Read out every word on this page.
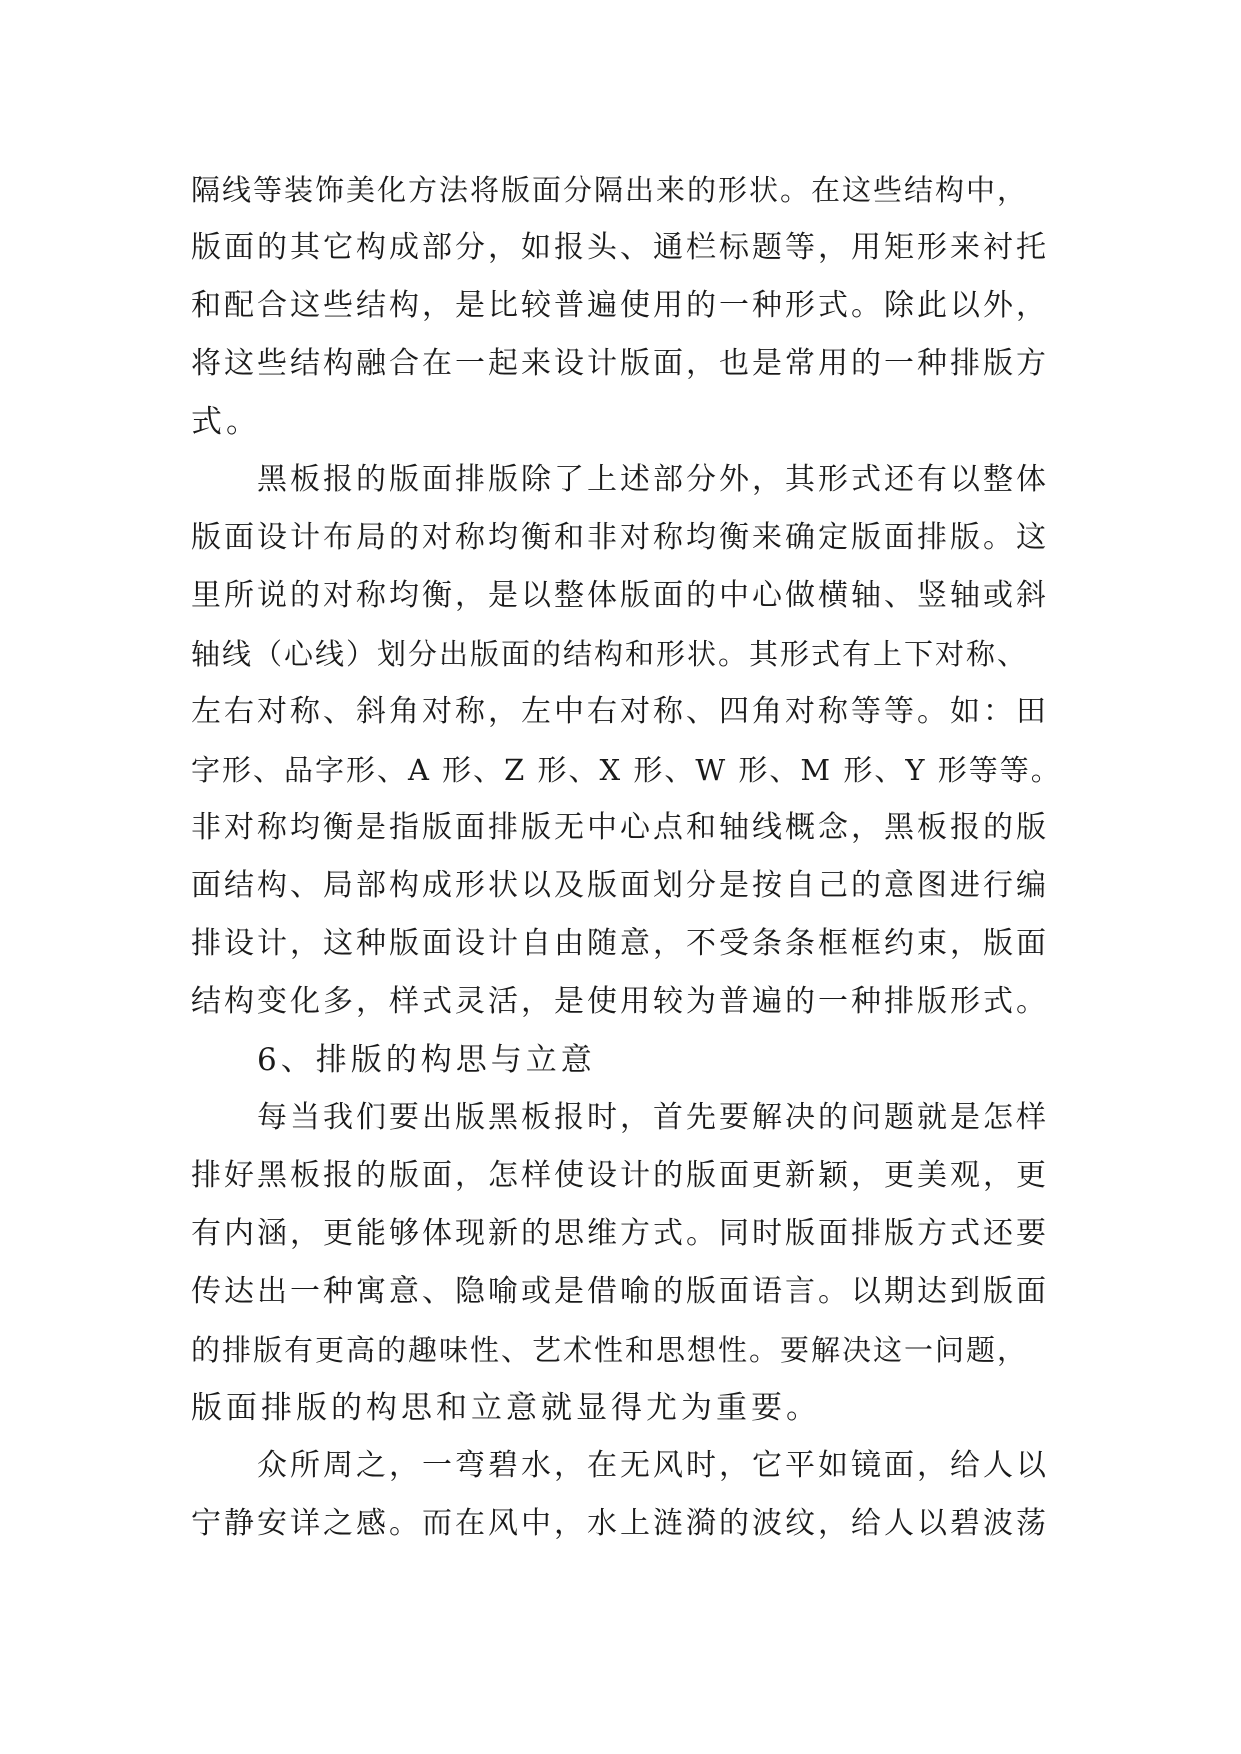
隔线等装饰美化方法将版面分隔出来的形状。在这些结构中，
版面的其它构成部分，如报头、通栏标题等，用矩形来衬托
和配合这些结构，是比较普遍使用的一种形式。除此以外，
将这些结构融合在一起来设计版面，也是常用的一种排版方
式。
黑板报的版面排版除了上述部分外，其形式还有以整体
版面设计布局的对称均衡和非对称均衡来确定版面排版。这
里所说的对称均衡，是以整体版面的中心做横轴、竖轴或斜
轴线（心线）划分出版面的结构和形状。其形式有上下对称、
左右对称、斜角对称，左中右对称、四角对称等等。如：田
字形、品字形、A 形、Z 形、X 形、W 形、M 形、Y 形等等。
非对称均衡是指版面排版无中心点和轴线概念，黑板报的版
面结构、局部构成形状以及版面划分是按自己的意图进行编
排设计，这种版面设计自由随意，不受条条框框约束，版面
结构变化多，样式灵活，是使用较为普遍的一种排版形式。
6、排版的构思与立意
每当我们要出版黑板报时，首先要解决的问题就是怎样
排好黑板报的版面，怎样使设计的版面更新颖，更美观，更
有内涵，更能够体现新的思维方式。同时版面排版方式还要
传达出一种寓意、隐喻或是借喻的版面语言。以期达到版面
的排版有更高的趣味性、艺术性和思想性。要解决这一问题，
版面排版的构思和立意就显得尤为重要。
众所周之，一弯碧水，在无风时，它平如镜面，给人以
宁静安详之感。而在风中，水上涟漪的波纹，给人以碧波荡
